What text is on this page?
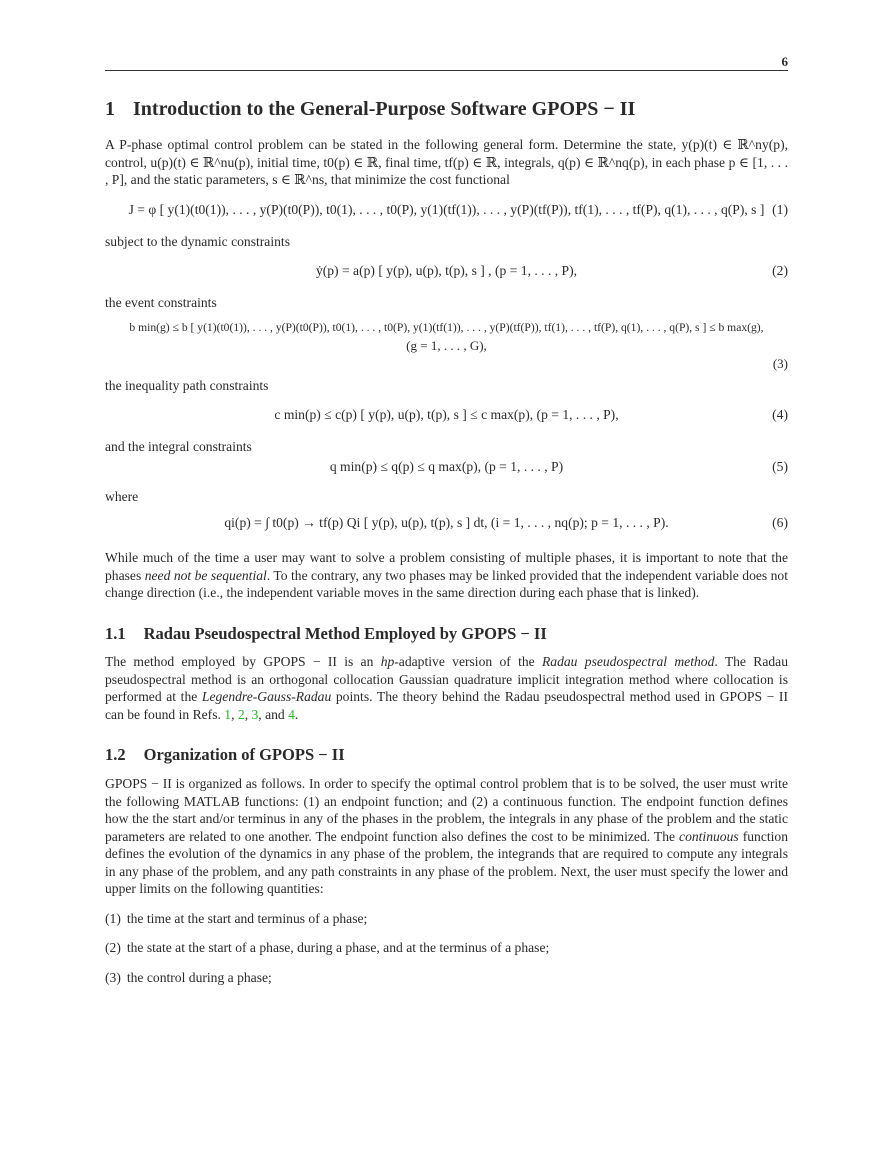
6
1 Introduction to the General-Purpose Software GPOPS − II

A P-phase optimal control problem can be stated in the following general form. Determine the state, y(p)(t) ∈ ℝ^ny(p), control, u(p)(t) ∈ ℝ^nu(p), initial time, t0(p) ∈ ℝ, final time, tf(p) ∈ ℝ, integrals, q(p) ∈ ℝ^nq(p), in each phase p ∈ [1, . . . , P], and the static parameters, s ∈ ℝ^ns, that minimize the cost functional

J = φ [ y(1)(t0(1)), . . . , y(P)(t0(P)), t0(1), . . . , t0(P), y(1)(tf(1)), . . . , y(P)(tf(P)), tf(1), . . . , tf(P), q(1), . . . , q(P), s ] (1)

subject to the dynamic constraints

ẏ(p) = a(p) [ y(p), u(p), t(p), s ] , (p = 1, . . . , P),	(2)

the event constraints

b min(g) ≤ b [ y(1)(t0(1)), . . . , y(P)(t0(P)), t0(1), . . . , t0(P), y(1)(tf(1)), . . . , y(P)(tf(P)), tf(1), . . . , tf(P), q(1), . . . , q(P), s ] ≤ b max(g),
(g = 1, . . . , G),
(3)

the inequality path constraints

c min(p) ≤ c(p) [ y(p), u(p), t(p), s ] ≤ c max(p), (p = 1, . . . , P),	(4)

and the integral constraints

q min(p) ≤ q(p) ≤ q max(p), (p = 1, . . . , P)	(5)

where

qi(p) = ∫ t0(p) → tf(p) Qi [ y(p), u(p), t(p), s ] dt, (i = 1, . . . , nq(p); p = 1, . . . , P).	(6)

While much of the time a user may want to solve a problem consisting of multiple phases, it is important to note that the phases need not be sequential. To the contrary, any two phases may be linked provided that the independent variable does not change direction (i.e., the independent variable moves in the same direction during each phase that is linked).

1.1 Radau Pseudospectral Method Employed by GPOPS − II

The method employed by GPOPS − II is an hp-adaptive version of the Radau pseudospectral method. The Radau pseudospectral method is an orthogonal collocation Gaussian quadrature implicit integration method where collocation is performed at the Legendre-Gauss-Radau points. The theory behind the Radau pseudospectral method used in GPOPS − II can be found in Refs. 1, 2, 3, and 4.

1.2 Organization of GPOPS − II

GPOPS − II is organized as follows. In order to specify the optimal control problem that is to be solved, the user must write the following MATLAB functions: (1) an endpoint function; and (2) a continuous function. The endpoint function defines how the the start and/or terminus in any of the phases in the problem, the integrals in any phase of the problem and the static parameters are related to one another. The endpoint function also defines the cost to be minimized. The continuous function defines the evolution of the dynamics in any phase of the problem, the integrands that are required to compute any integrals in any phase of the problem, and any path constraints in any phase of the problem. Next, the user must specify the lower and upper limits on the following quantities:

(1) the time at the start and terminus of a phase;
(2) the state at the start of a phase, during a phase, and at the terminus of a phase;
(3) the control during a phase;
